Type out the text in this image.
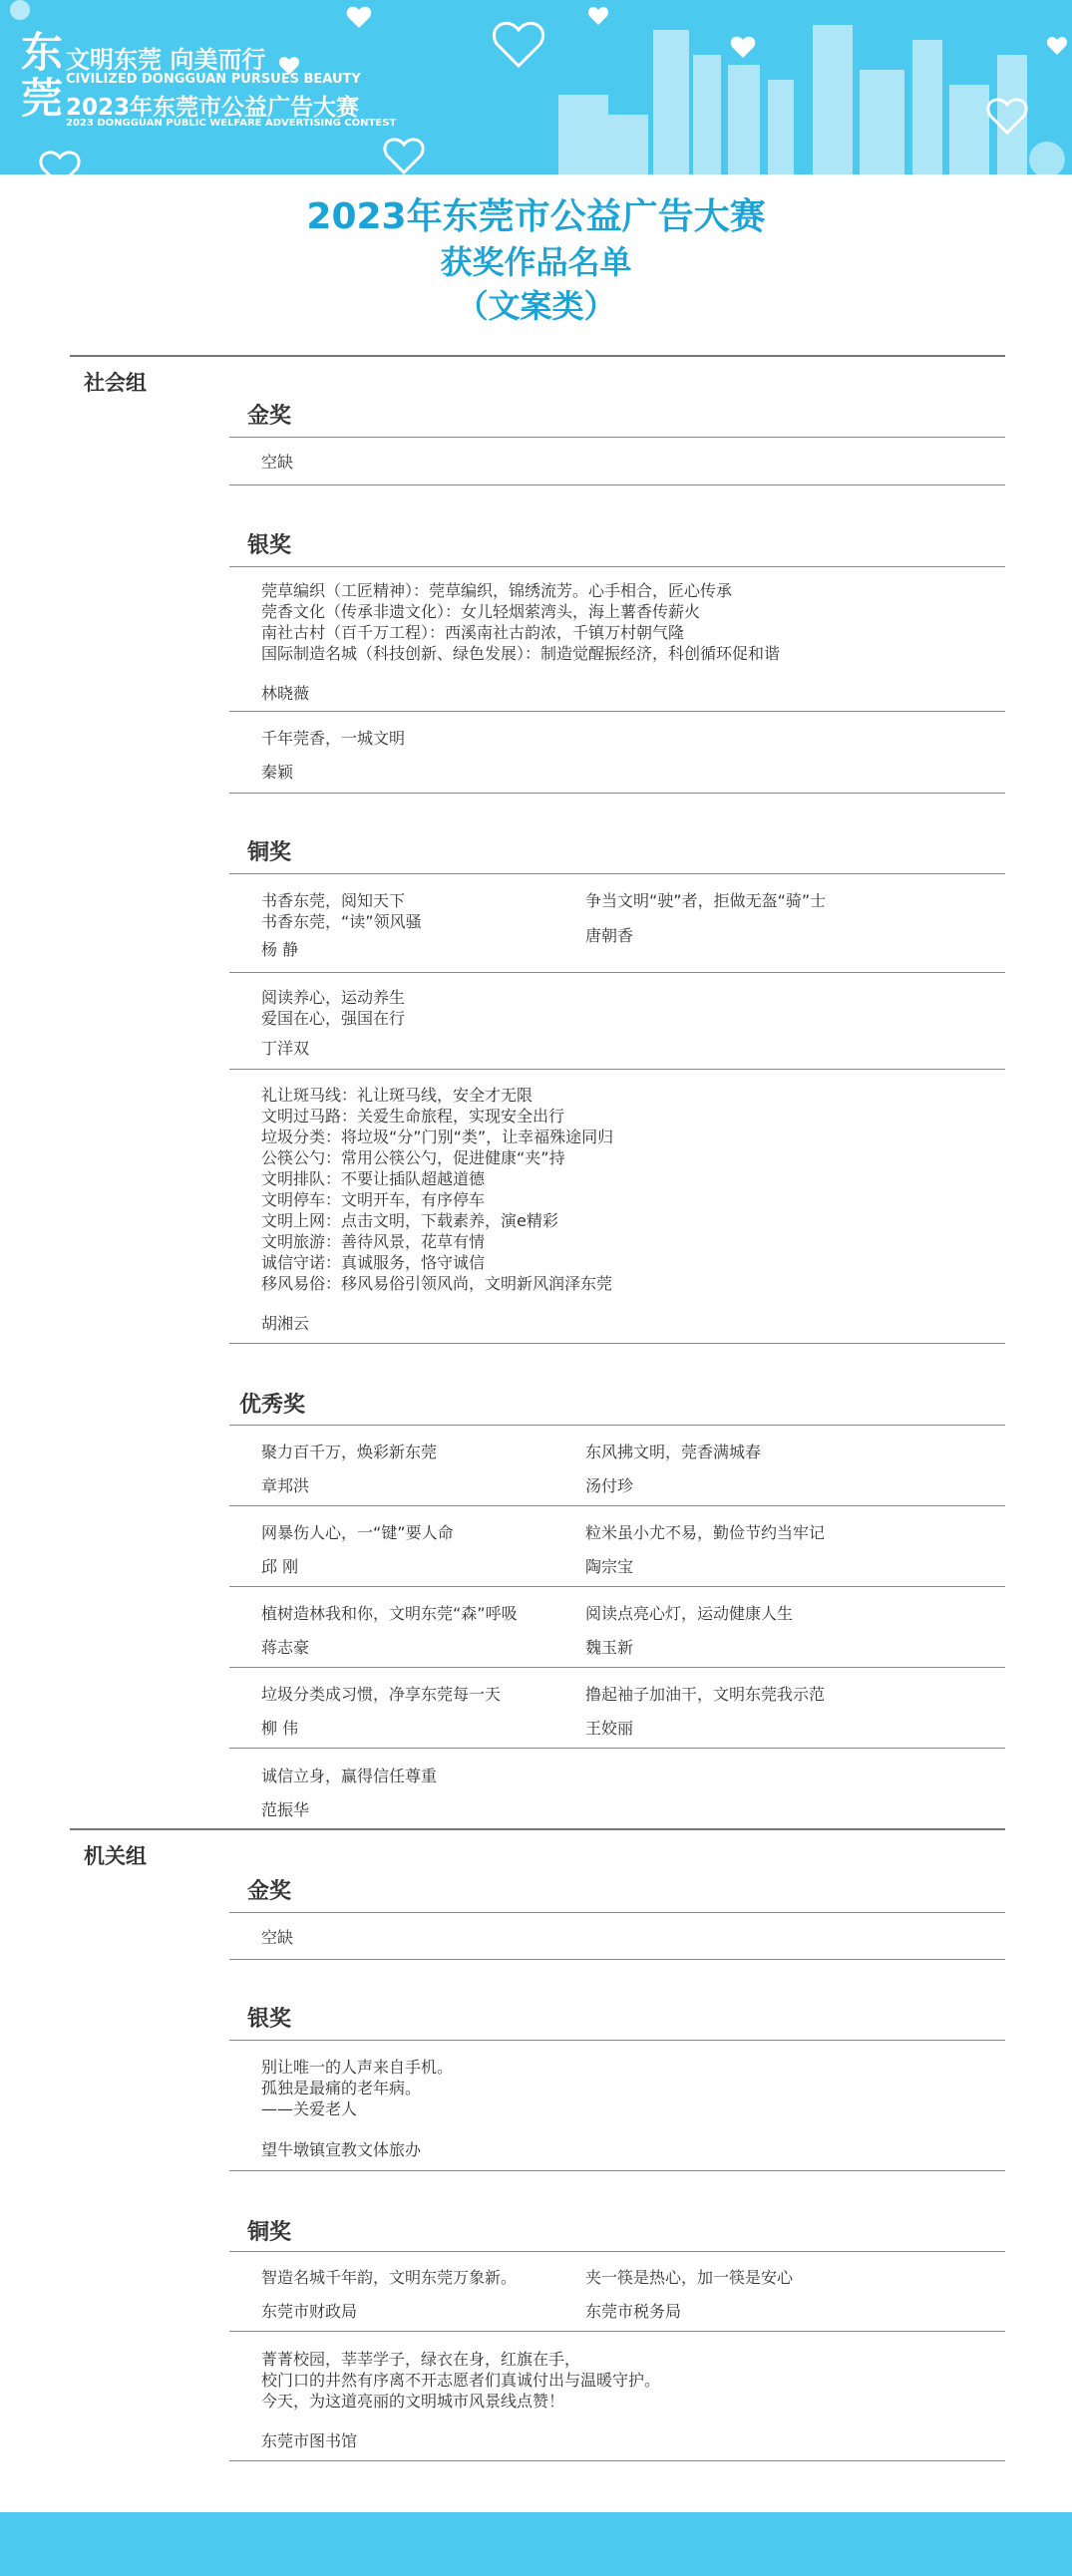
东莞
文明东莞 向美而行
CIVILIZED DONGGUAN PURSUES BEAUTY
2023年东莞市公益广告大赛
2023 DONGGUAN PUBLIC WELFARE ADVERTISING CONTEST
2023年东莞市公益广告大赛
获奖作品名单
（文案类）
社会组
金奖
空缺
银奖
莞草编织（工匠精神）：莞草编织，锦绣流芳。心手相合，匠心传承
莞香文化（传承非遗文化）：女儿轻烟萦湾头，海上薯香传薪火
南社古村（百千万工程）：西溪南社古韵浓，千镇万村朝气隆
国际制造名城（科技创新、绿色发展）：制造觉醒振经济，科创循环促和谐
林晓薇
千年莞香，一城文明
秦颖
铜奖
书香东莞，阅知天下
书香东莞，“读”领风骚
杨 静
争当文明“驶”者，拒做无盔“骑”士
唐朝香
阅读养心，运动养生
爱国在心，强国在行
丁洋双
礼让斑马线：礼让斑马线，安全才无限
文明过马路：关爱生命旅程，实现安全出行
垃圾分类：将垃圾“分”门别“类”，让幸福殊途同归
公筷公勺：常用公筷公勺，促进健康“夹”持
文明排队：不要让插队超越道德
文明停车：文明开车，有序停车
文明上网：点击文明，下载素养，演e精彩
文明旅游：善待风景，花草有情
诚信守诺：真诚服务，恪守诚信
移风易俗：移风易俗引领风尚，文明新风润泽东莞
胡湘云
优秀奖
聚力百千万，焕彩新东莞
章邦洪
东风拂文明，莞香满城春
汤付珍
网暴伤人心，一“键”要人命
邱 刚
粒米虽小尤不易，勤俭节约当牢记
陶宗宝
植树造林我和你，文明东莞“森”呼吸
蒋志豪
阅读点亮心灯，运动健康人生
魏玉新
垃圾分类成习惯，净享东莞每一天
柳 伟
撸起袖子加油干，文明东莞我示范
王姣丽
诚信立身，赢得信任尊重
范振华
机关组
金奖
空缺
银奖
别让唯一的人声来自手机。
孤独是最痛的老年病。
——关爱老人
望牛墩镇宣教文体旅办
铜奖
智造名城千年韵，文明东莞万象新。
东莞市财政局
夹一筷是热心，加一筷是安心
东莞市税务局
菁菁校园，莘莘学子，绿衣在身，红旗在手，
校门口的井然有序离不开志愿者们真诚付出与温暖守护。
今天，为这道亮丽的文明城市风景线点赞！
东莞市图书馆
